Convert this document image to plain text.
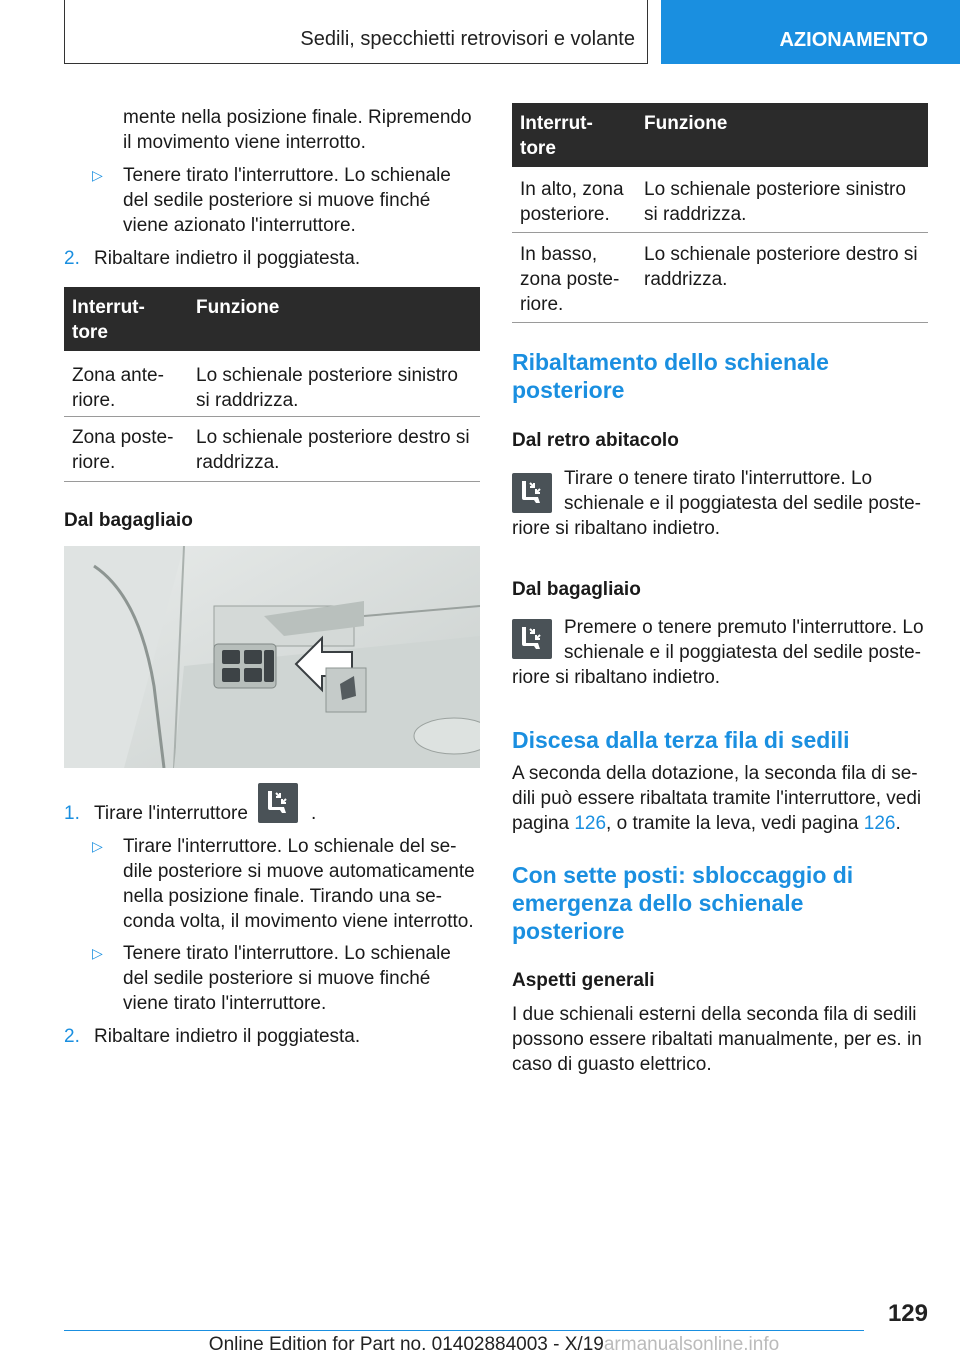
Sedili, specchietti retrovisori e volante	AZIONAMENTO
mente nella posizione finale. Ripremendo
il movimento viene interrotto.
▷ Tenere tirato l'interruttore. Lo schienale
del sedile posteriore si muove finché
viene azionato l'interruttore.
2. Ribaltare indietro il poggiatesta.
Interrut-
tore
Funzione
Zona ante-
riore.
Lo schienale posteriore sinistro
si raddrizza.
Zona poste-
riore.
Lo schienale posteriore destro si
raddrizza.
Dal bagagliaio
1. Tirare l'interruttore	.
▷ Tirare l'interruttore. Lo schienale del se-
dile posteriore si muove automaticamente
nella posizione finale. Tirando una se-
conda volta, il movimento viene interrotto.
▷ Tenere tirato l'interruttore. Lo schienale
del sedile posteriore si muove finché
viene tirato l'interruttore.
2. Ribaltare indietro il poggiatesta.
Interrut-
tore
Funzione
In alto, zona
posteriore.
Lo schienale posteriore sinistro
si raddrizza.
In basso,
zona poste-
riore.
Lo schienale posteriore destro si
raddrizza.
Ribaltamento dello schienale
posteriore
Dal retro abitacolo
Tirare o tenere tirato l'interruttore. Lo
schienale e il poggiatesta del sedile poste-
riore si ribaltano indietro.
Dal bagagliaio
Premere o tenere premuto l'interruttore. Lo
schienale e il poggiatesta del sedile poste-
riore si ribaltano indietro.
Discesa dalla terza fila di sedili
A seconda della dotazione, la seconda fila di se-
dili può essere ribaltata tramite l'interruttore, vedi
pagina 126, o tramite la leva, vedi pagina 126.
Con sette posti: sbloccaggio di
emergenza dello schienale
posteriore
Aspetti generali
I due schienali esterni della seconda fila di sedili
possono essere ribaltati manualmente, per es. in
caso di guasto elettrico.
129
Online Edition for Part no. 01402884003 - X/19armanualsonline.info
